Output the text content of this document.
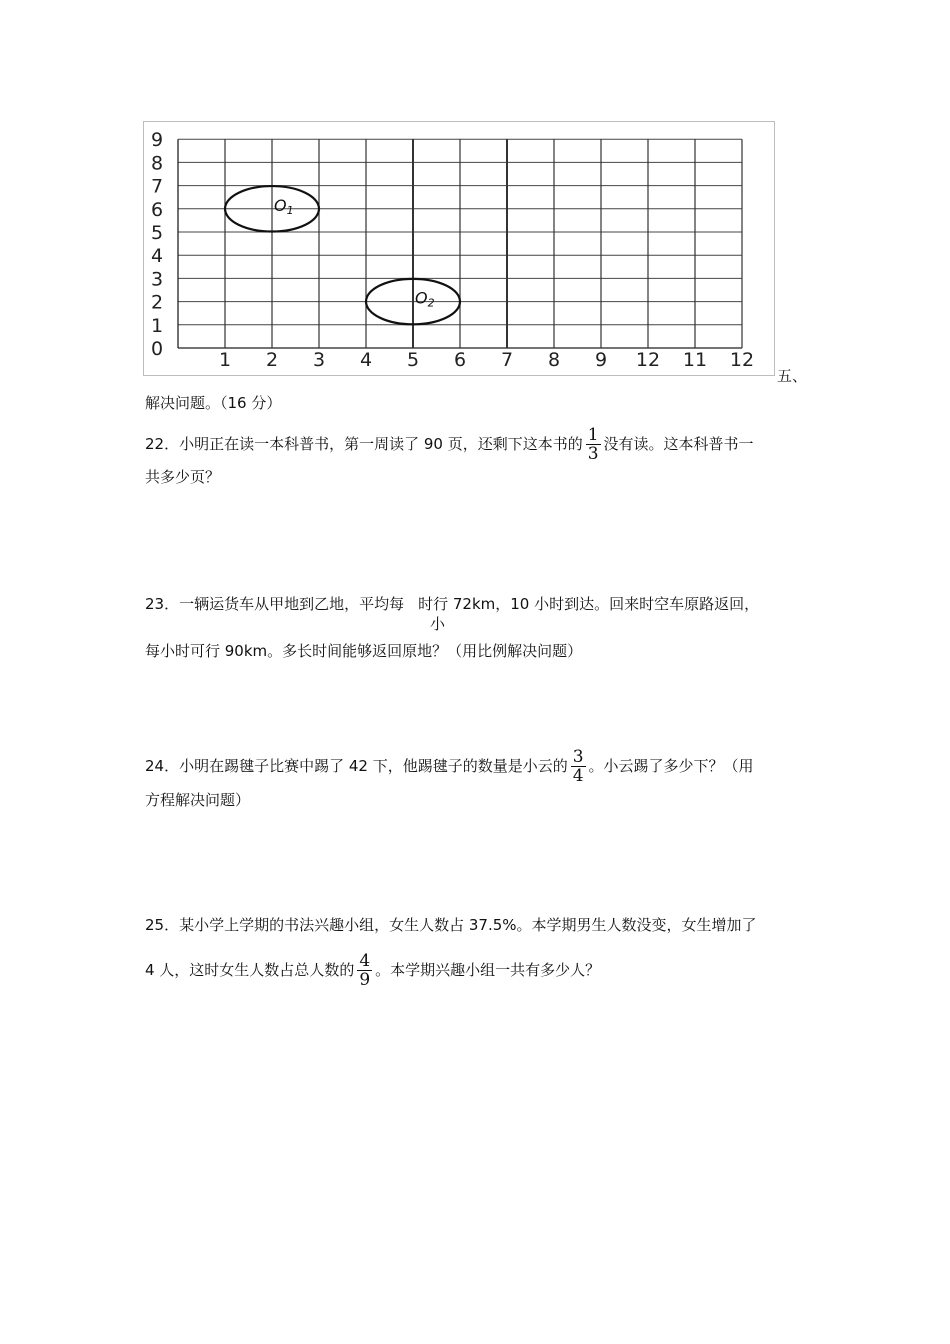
0
1
2
3
4
5
6
7
8
9
1 2 3 4 5 6 7 8 9 12 11 12
O1
O2
五、
解决问题。（16 分）
22．小明正在读一本科普书，第一周读了 90 页，还剩下这本书的 $\frac{1}{3}$ 没有读。这本科普书一
共多少页？
23．一辆运货车从甲地到乙地，平均每 时行 72km，10 小时到达。回来时空车原路返回，
小
每小时可行 90km。多长时间能够返回原地？（用比例解决问题）
24．小明在踢毽子比赛中踢了 42 下，他踢毽子的数量是小云的 $\frac{3}{4}$ 。小云踢了多少下？（用
方程解决问题）
25．某小学上学期的书法兴趣小组，女生人数占 37.5%。本学期男生人数没变，女生增加了
4 人，这时女生人数占总人数的 $\frac{4}{9}$ 。本学期兴趣小组一共有多少人？
